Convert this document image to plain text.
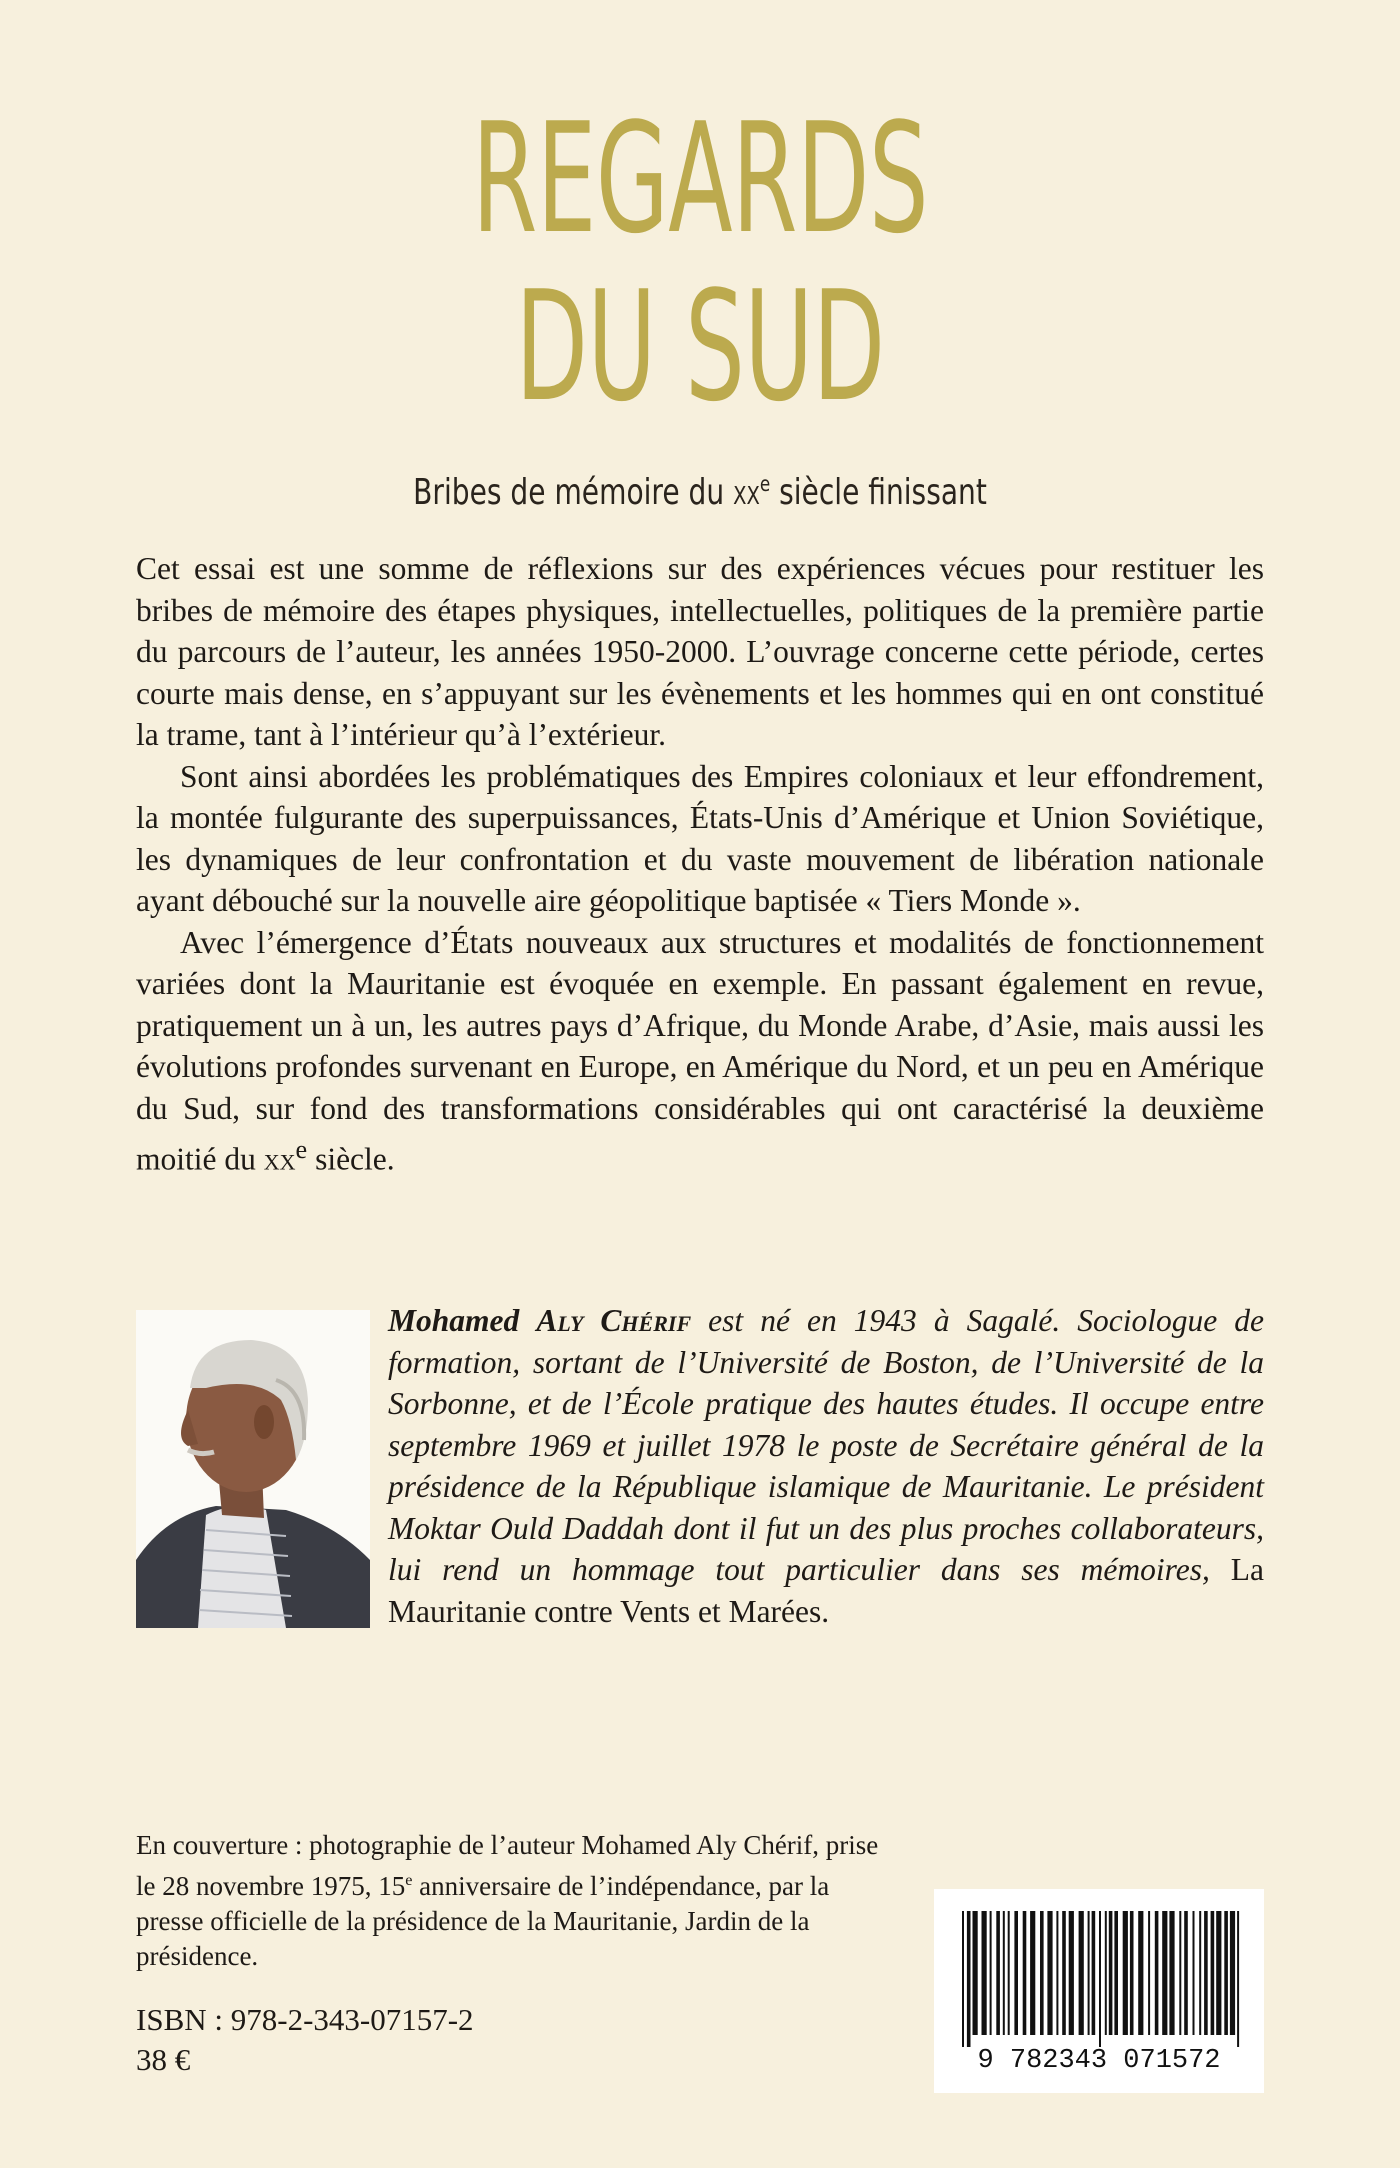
REGARDS
DU SUD
Bribes de mémoire du $xx^e$ siècle finissant

Cet essai est une somme de réflexions sur des expériences vécues pour restituer les bribes de mémoire des étapes physiques, intellectuelles, politiques de la première partie du parcours de l’auteur, les années 1950-2000. L’ouvrage concerne cette période, certes courte mais dense, en s’appuyant sur les évènements et les hommes qui en ont constitué la trame, tant à l’intérieur qu’à l’extérieur.

Sont ainsi abordées les problématiques des Empires coloniaux et leur effondrement, la montée fulgurante des superpuissances, États-Unis d’Amérique et Union Soviétique, les dynamiques de leur confrontation et du vaste mouvement de libération nationale ayant débouché sur la nouvelle aire géopolitique baptisée « Tiers Monde ».

Avec l’émergence d’États nouveaux aux structures et modalités de fonctionnement variées dont la Mauritanie est évoquée en exemple. En passant également en revue, pratiquement un à un, les autres pays d’Afrique, du Monde Arabe, d’Asie, mais aussi les évolutions profondes survenant en Europe, en Amérique du Nord, et un peu en Amérique du Sud, sur fond des transformations considérables qui ont caractérisé la deuxième moitié du $xx^e$ siècle.

Mohamed Aly Chérif est né en 1943 à Sagalé. Sociologue de formation, sortant de l’Université de Boston, de l’Université de la Sorbonne, et de l’École pratique des hautes études. Il occupe entre septembre 1969 et juillet 1978 le poste de Secrétaire général de la présidence de la République islamique de Mauritanie. Le président Moktar Ould Daddah dont il fut un des plus proches collaborateurs, lui rend un hommage tout particulier dans ses mémoires, La Mauritanie contre Vents et Marées.

En couverture : photographie de l’auteur Mohamed Aly Chérif, prise le 28 novembre 1975, 15e anniversaire de l’indépendance, par la presse officielle de la présidence de la Mauritanie, Jardin de la présidence.

ISBN : 978-2-343-07157-2
38 €	9 782343 071572
